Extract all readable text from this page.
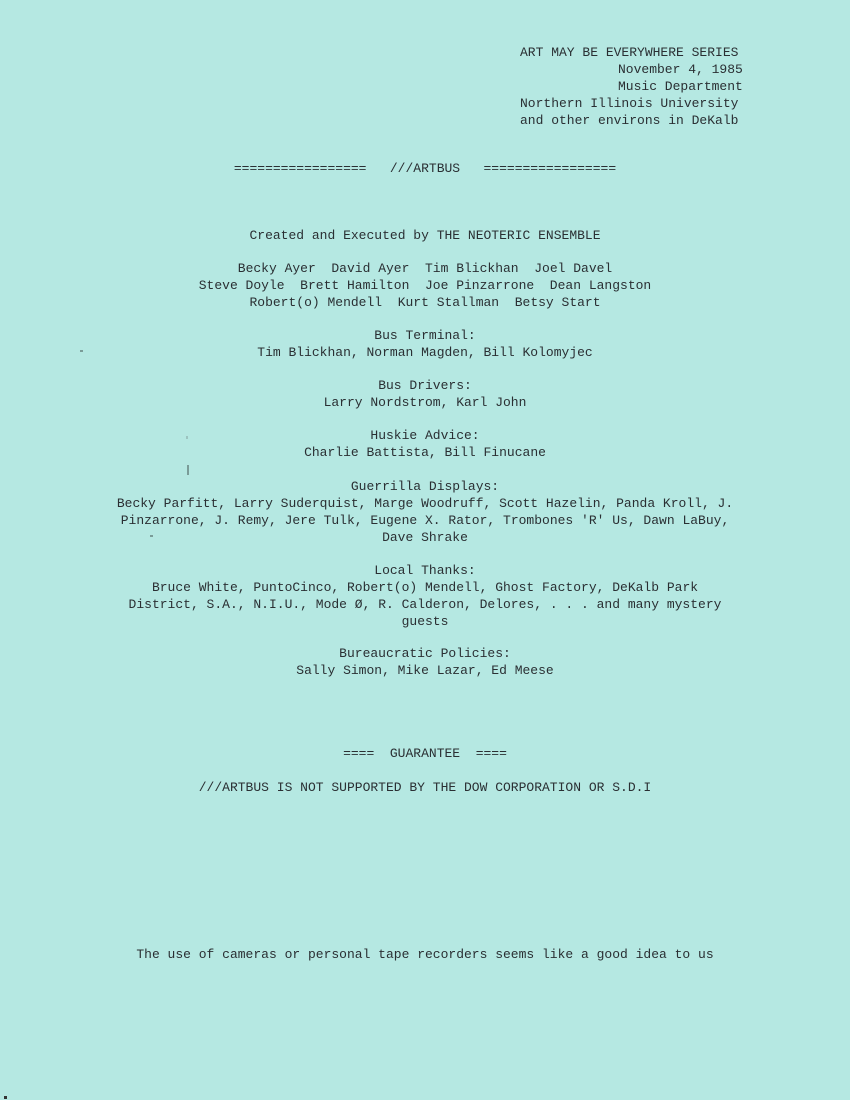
ART MAY BE EVERYWHERE SERIES
November 4, 1985
Music Department
Northern Illinois University
and other environs in DeKalb
=================   ///ARTBUS   =================
Created and Executed by THE NEOTERIC ENSEMBLE
Becky Ayer  David Ayer  Tim Blickhan  Joel Davel
Steve Doyle  Brett Hamilton  Joe Pinzarrone  Dean Langston
Robert(o) Mendell  Kurt Stallman  Betsy Start
Bus Terminal:
Tim Blickhan, Norman Magden, Bill Kolomyjec
Bus Drivers:
Larry Nordstrom, Karl John
Huskie Advice:
Charlie Battista, Bill Finucane
Guerrilla Displays:
Becky Parfitt, Larry Suderquist, Marge Woodruff, Scott Hazelin, Panda Kroll, J.
Pinzarrone, J. Remy, Jere Tulk, Eugene X. Rator, Trombones 'R' Us, Dawn LaBuy,
Dave Shrake
Local Thanks:
Bruce White, PuntoCinco, Robert(o) Mendell, Ghost Factory, DeKalb Park
District, S.A., N.I.U., Mode Ø, R. Calderon, Delores, . . . and many mystery
guests
Bureaucratic Policies:
Sally Simon, Mike Lazar, Ed Meese
====  GUARANTEE  ====
///ARTBUS IS NOT SUPPORTED BY THE DOW CORPORATION OR S.D.I
The use of cameras or personal tape recorders seems like a good idea to us
